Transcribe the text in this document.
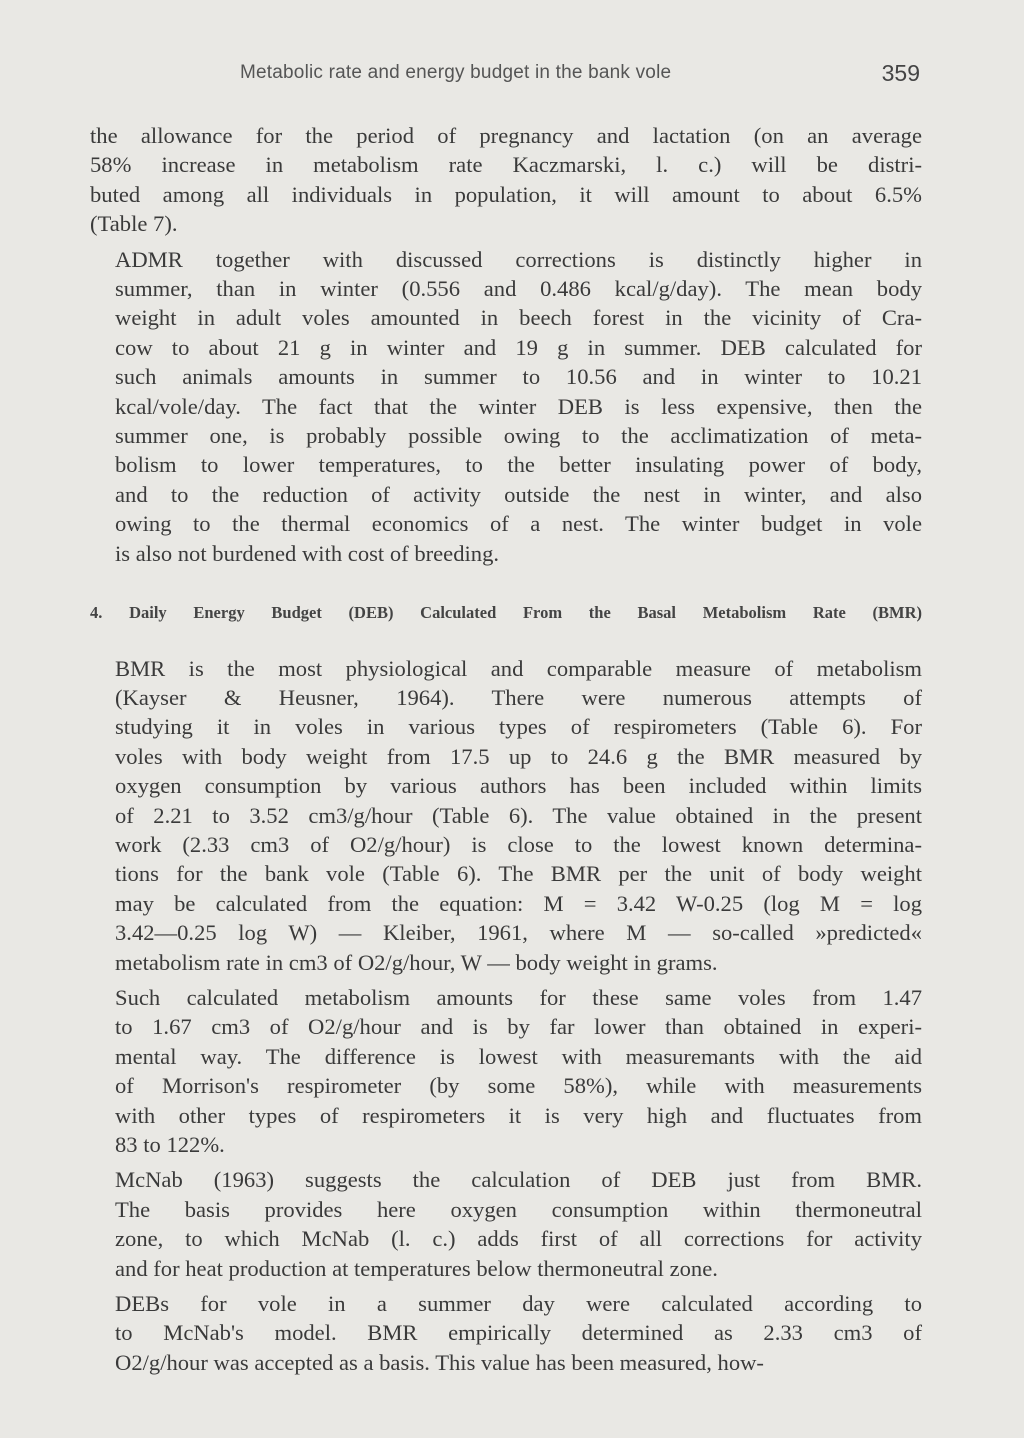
Metabolic rate and energy budget in the bank vole	359

the allowance for the period of pregnancy and lactation (on an average
58% increase in metabolism rate Kaczmarski, l. c.) will be distri-
buted among all individuals in population, it will amount to about 6.5%
(Table 7).

ADMR together with discussed corrections is distinctly higher in
summer, than in winter (0.556 and 0.486 kcal/g/day). The mean body
weight in adult voles amounted in beech forest in the vicinity of Cra-
cow to about 21 g in winter and 19 g in summer. DEB calculated for
such animals amounts in summer to 10.56 and in winter to 10.21
kcal/vole/day. The fact that the winter DEB is less expensive, then the
summer one, is probably possible owing to the acclimatization of meta-
bolism to lower temperatures, to the better insulating power of body,
and to the reduction of activity outside the nest in winter, and also
owing to the thermal economics of a nest. The winter budget in vole
is also not burdened with cost of breeding.

4. Daily Energy Budget (DEB) Calculated From the Basal Metabolism Rate (BMR)

BMR is the most physiological and comparable measure of metabolism
(Kayser & Heusner, 1964). There were numerous attempts of
studying it in voles in various types of respirometers (Table 6). For
voles with body weight from 17.5 up to 24.6 g the BMR measured by
oxygen consumption by various authors has been included within limits
of 2.21 to 3.52 cm3/g/hour (Table 6). The value obtained in the present
work (2.33 cm3 of O2/g/hour) is close to the lowest known determina-
tions for the bank vole (Table 6). The BMR per the unit of body weight
may be calculated from the equation: M = 3.42 W-0.25 (log M = log
3.42—0.25 log W) — Kleiber, 1961, where M — so-called »predicted«
metabolism rate in cm3 of O2/g/hour, W — body weight in grams.

Such calculated metabolism amounts for these same voles from 1.47
to 1.67 cm3 of O2/g/hour and is by far lower than obtained in experi-
mental way. The difference is lowest with measuremants with the aid
of Morrison's respirometer (by some 58%), while with measurements
with other types of respirometers it is very high and fluctuates from
83 to 122%.

McNab (1963) suggests the calculation of DEB just from BMR.
The basis provides here oxygen consumption within thermoneutral
zone, to which McNab (l. c.) adds first of all corrections for activity
and for heat production at temperatures below thermoneutral zone.

DEBs for vole in a summer day were calculated according to
to McNab's model. BMR empirically determined as 2.33 cm3 of
O2/g/hour was accepted as a basis. This value has been measured, how-
